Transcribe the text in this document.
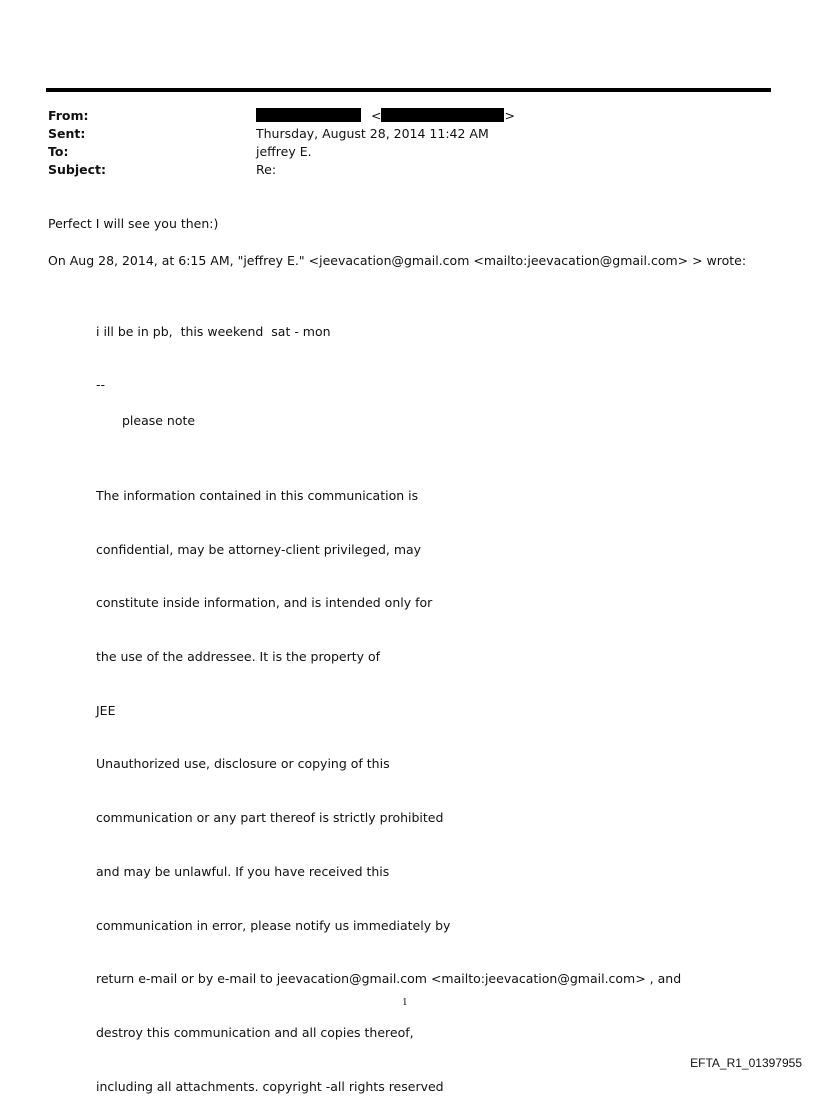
From:	<	>
Sent:	Thursday, August 28, 2014 11:42 AM
To:	jeffrey E.
Subject:	Re:
Perfect I will see you then:)
On Aug 28, 2014, at 6:15 AM, "jeffrey E." <jeevacation@gmail.com <mailto:jeevacation@gmail.com> > wrote:
i ill be in pb,  this weekend  sat - mon
--
please note

The information contained in this communication is

confidential, may be attorney-client privileged, may

constitute inside information, and is intended only for

the use of the addressee. It is the property of

JEE

Unauthorized use, disclosure or copying of this

communication or any part thereof is strictly prohibited

and may be unlawful. If you have received this

communication in error, please notify us immediately by

return e-mail or by e-mail to jeevacation@gmail.com <mailto:jeevacation@gmail.com> , and

destroy this communication and all copies thereof,

including all attachments. copyright -all rights reserved

1
EFTA_R1_01397955
